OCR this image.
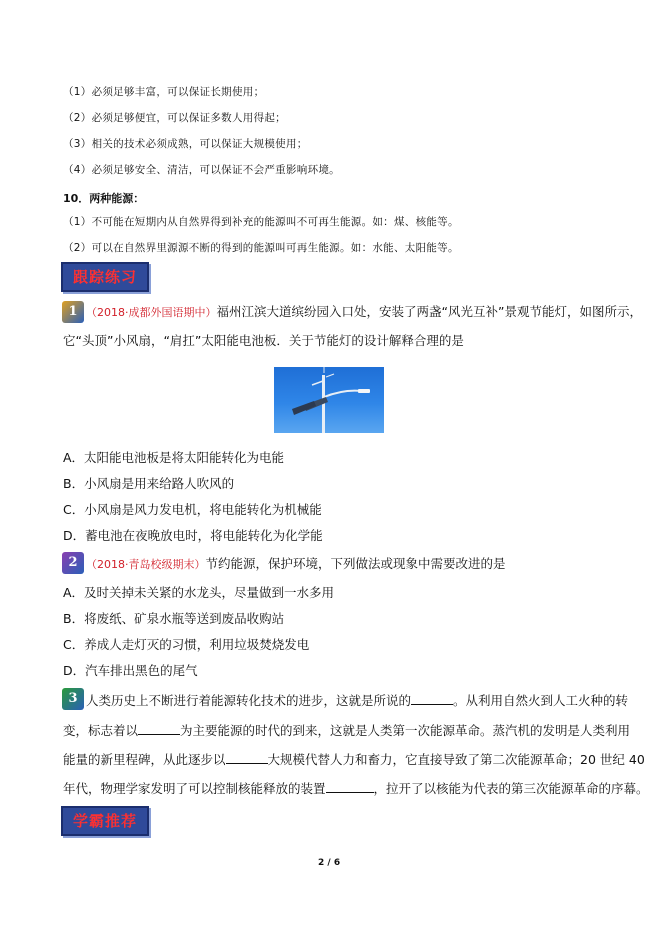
（1）必须足够丰富，可以保证长期使用；
（2）必须足够便宜，可以保证多数人用得起；
（3）相关的技术必须成熟，可以保证大规模使用；
（4）必须足够安全、清洁，可以保证不会严重影响环境。
10．两种能源：
（1）不可能在短期内从自然界得到补充的能源叫不可再生能源。如：煤、核能等。
（2）可以在自然界里源源不断的得到的能源叫可再生能源。如：水能、太阳能等。
跟踪练习
1 （2018·成都外国语期中）福州江滨大道缤纷园入口处，安装了两盏“风光互补”景观节能灯，如图所示，
它“头顶”小风扇，“肩扛”太阳能电池板．关于节能灯的设计解释合理的是
A．太阳能电池板是将太阳能转化为电能
B．小风扇是用来给路人吹风的
C．小风扇是风力发电机，将电能转化为机械能
D．蓄电池在夜晚放电时，将电能转化为化学能
2 （2018·青岛校级期末）节约能源，保护环境，下列做法或现象中需要改进的是
A．及时关掉未关紧的水龙头，尽量做到一水多用
B．将废纸、矿泉水瓶等送到废品收购站
C．养成人走灯灭的习惯，利用垃圾焚烧发电
D．汽车排出黑色的尾气
3 人类历史上不断进行着能源转化技术的进步，这就是所说的	。从利用自然火到人工火种的转
变，标志着以	为主要能源的时代的到来，这就是人类第一次能源革命。蒸汽机的发明是人类利用
能量的新里程碑，从此逐步以	大规模代替人力和畜力，它直接导致了第二次能源革命；20 世纪 40
年代，物理学家发明了可以控制核能释放的装置	，拉开了以核能为代表的第三次能源革命的序幕。
学霸推荐
2 / 6
